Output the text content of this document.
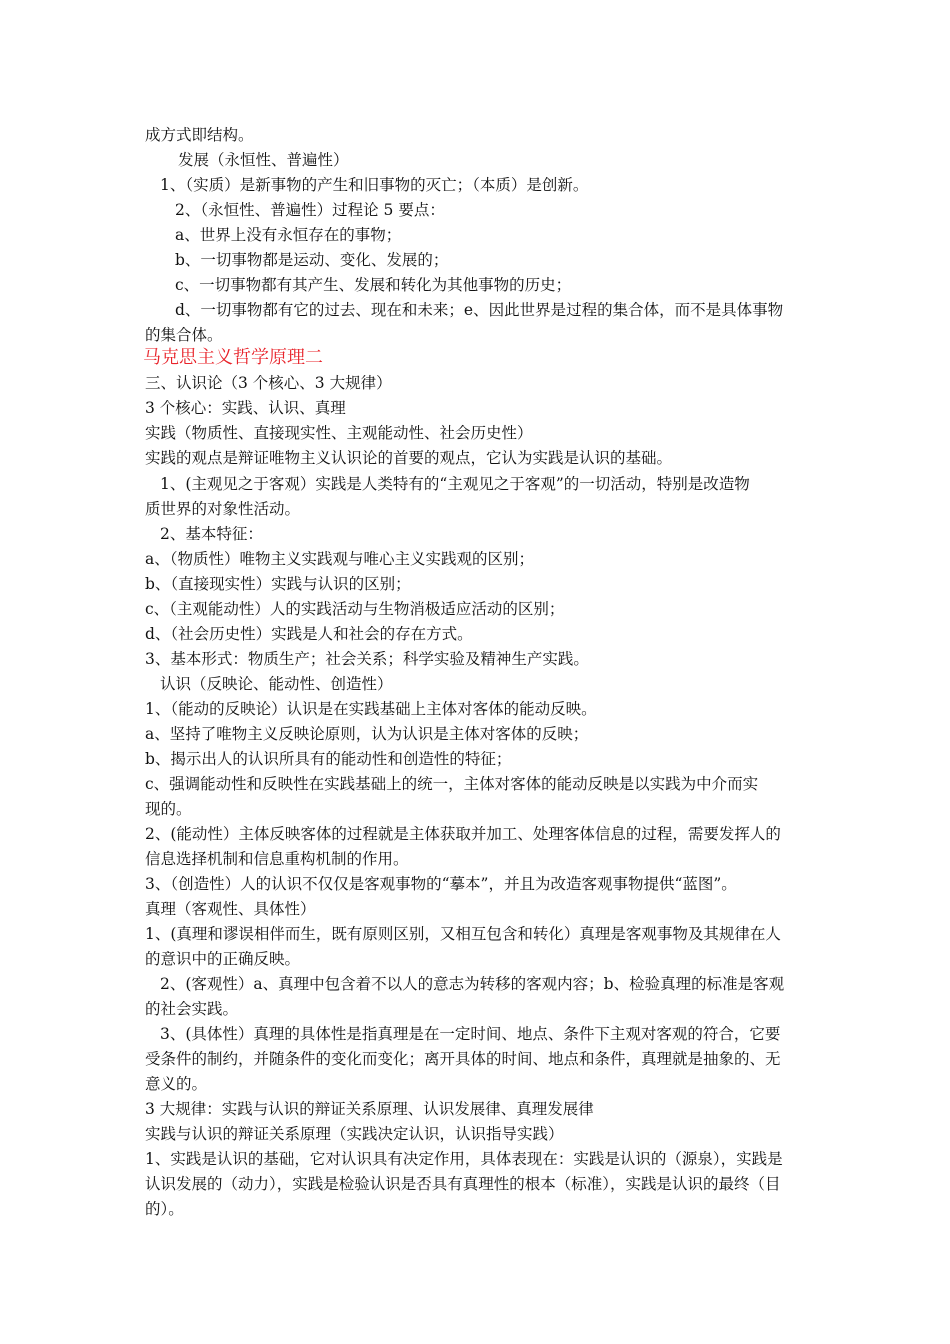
成方式即结构。
发展（永恒性、普遍性）
1、（实质）是新事物的产生和旧事物的灭亡；（本质）是创新。
2、（永恒性、普遍性）过程论 5 要点：
a、世界上没有永恒存在的事物；
b、一切事物都是运动、变化、发展的；
c、一切事物都有其产生、发展和转化为其他事物的历史；
d、一切事物都有它的过去、现在和未来；e、因此世界是过程的集合体，而不是具体事物
的集合体。
马克思主义哲学原理二
三、认识论（3 个核心、3 大规律）
3 个核心：实践、认识、真理
实践（物质性、直接现实性、主观能动性、社会历史性）
实践的观点是辩证唯物主义认识论的首要的观点，它认为实践是认识的基础。
1、(主观见之于客观）实践是人类特有的“主观见之于客观”的一切活动，特别是改造物
质世界的对象性活动。
2、基本特征：
a、（物质性）唯物主义实践观与唯心主义实践观的区别；
b、（直接现实性）实践与认识的区别；
c、（主观能动性）人的实践活动与生物消极适应活动的区别；
d、（社会历史性）实践是人和社会的存在方式。
3、基本形式：物质生产；社会关系；科学实验及精神生产实践。
认识（反映论、能动性、创造性）
1、（能动的反映论）认识是在实践基础上主体对客体的能动反映。
a、坚持了唯物主义反映论原则，认为认识是主体对客体的反映；
b、揭示出人的认识所具有的能动性和创造性的特征；
c、强调能动性和反映性在实践基础上的统一，主体对客体的能动反映是以实践为中介而实
现的。
2、(能动性）主体反映客体的过程就是主体获取并加工、处理客体信息的过程，需要发挥人的
信息选择机制和信息重构机制的作用。
3、（创造性）人的认识不仅仅是客观事物的“摹本”，并且为改造客观事物提供“蓝图”。
真理（客观性、具体性）
1、(真理和谬误相伴而生，既有原则区别，又相互包含和转化）真理是客观事物及其规律在人
的意识中的正确反映。
2、(客观性）a、真理中包含着不以人的意志为转移的客观内容；b、检验真理的标准是客观
的社会实践。
3、(具体性）真理的具体性是指真理是在一定时间、地点、条件下主观对客观的符合，它要
受条件的制约，并随条件的变化而变化；离开具体的时间、地点和条件，真理就是抽象的、无
意义的。
3 大规律：实践与认识的辩证关系原理、认识发展律、真理发展律
实践与认识的辩证关系原理（实践决定认识，认识指导实践）
1、实践是认识的基础，它对认识具有决定作用，具体表现在：实践是认识的（源泉），实践是
认识发展的（动力），实践是检验认识是否具有真理性的根本（标准），实践是认识的最终（目
的）。
